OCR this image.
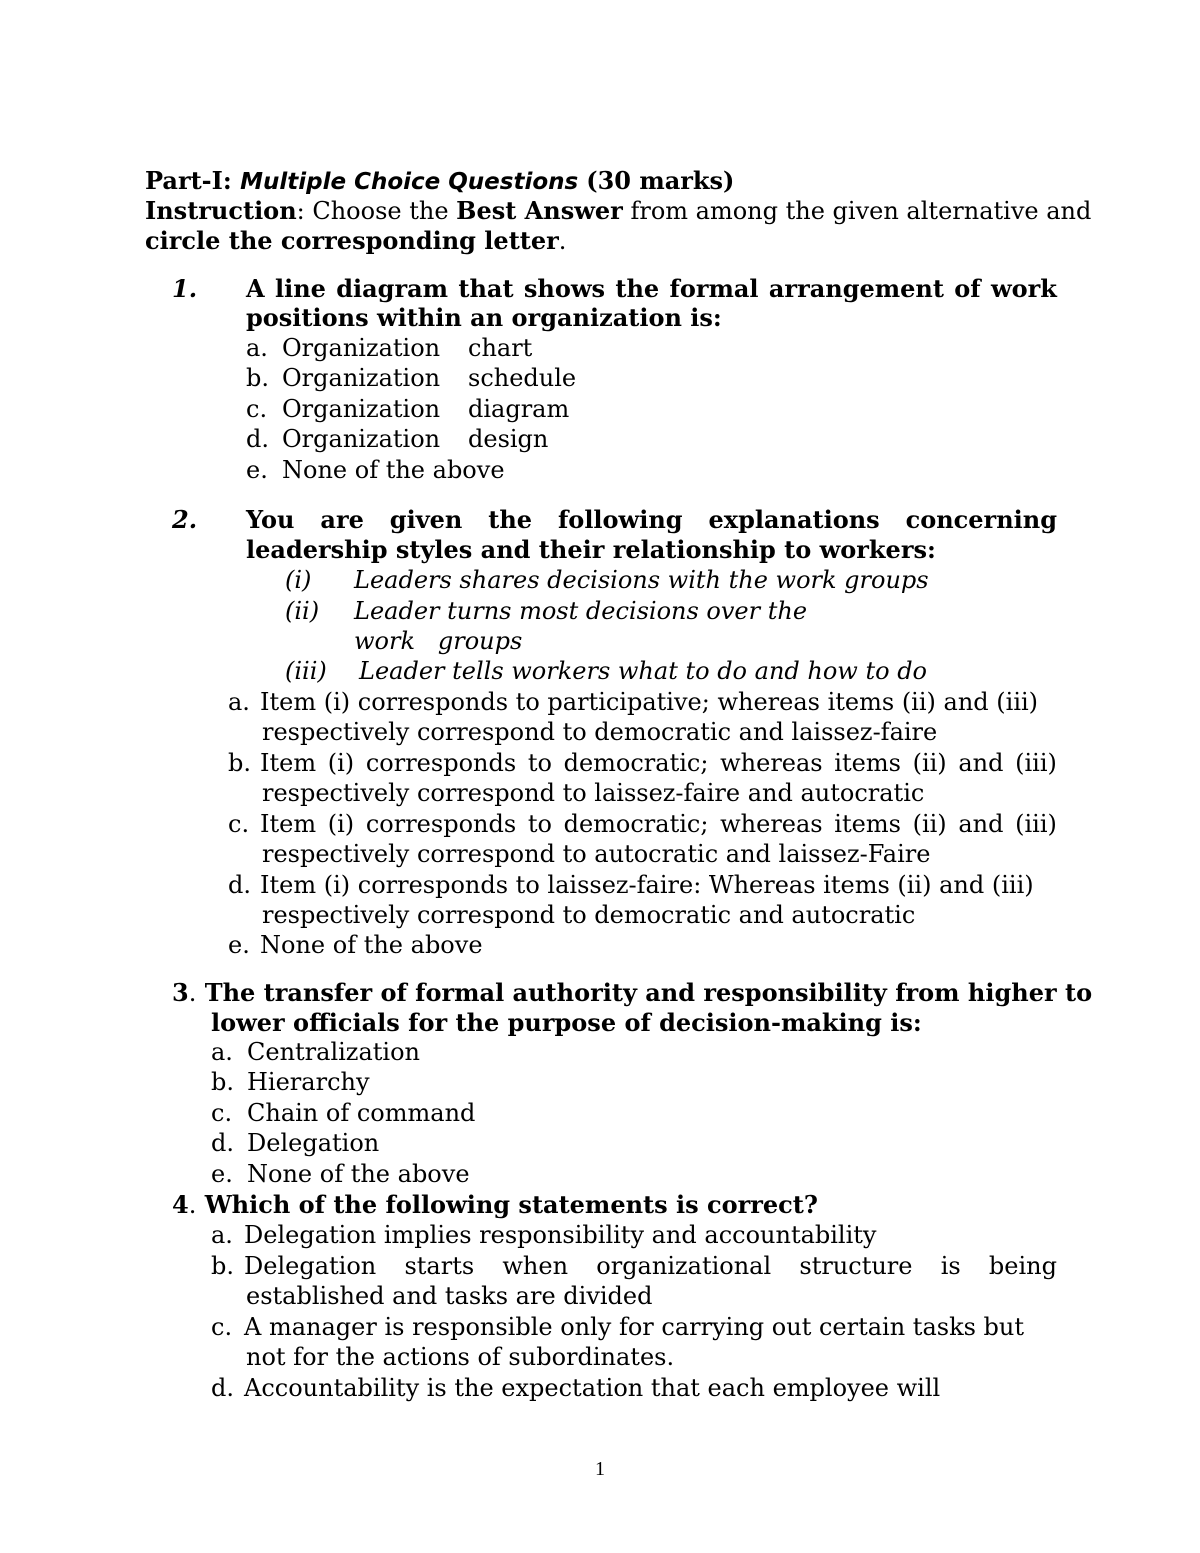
Part-I: Multiple Choice Questions (30 marks)
Instruction: Choose the Best Answer from among the given alternative and
circle the corresponding letter.
1. A line diagram that shows the formal arrangement of work
positions within an organization is:
a. Organization chart
b. Organization schedule
c. Organization diagram
d. Organization design
e. None of the above
2. You are given the following explanations concerning
leadership styles and their relationship to workers:
(i) Leaders shares decisions with the work groups
(ii) Leader turns most decisions over the
work   groups
(iii) Leader tells workers what to do and how to do
a. Item (i) corresponds to participative; whereas items (ii) and (iii)
respectively correspond to democratic and laissez-faire
b. Item (i) corresponds to democratic; whereas items (ii) and (iii)
respectively correspond to laissez-faire and autocratic
c. Item (i) corresponds to democratic; whereas items (ii) and (iii)
respectively correspond to autocratic and laissez-Faire
d. Item (i) corresponds to laissez-faire: Whereas items (ii) and (iii)
respectively correspond to democratic and autocratic
e. None of the above
3. The transfer of formal authority and responsibility from higher to
lower officials for the purpose of decision-making is:
a. Centralization
b. Hierarchy
c. Chain of command
d. Delegation
e. None of the above
4. Which of the following statements is correct?
a. Delegation implies responsibility and accountability
b. Delegation starts when organizational structure is being
established and tasks are divided
c. A manager is responsible only for carrying out certain tasks but
not for the actions of subordinates.
d. Accountability is the expectation that each employee will
1
